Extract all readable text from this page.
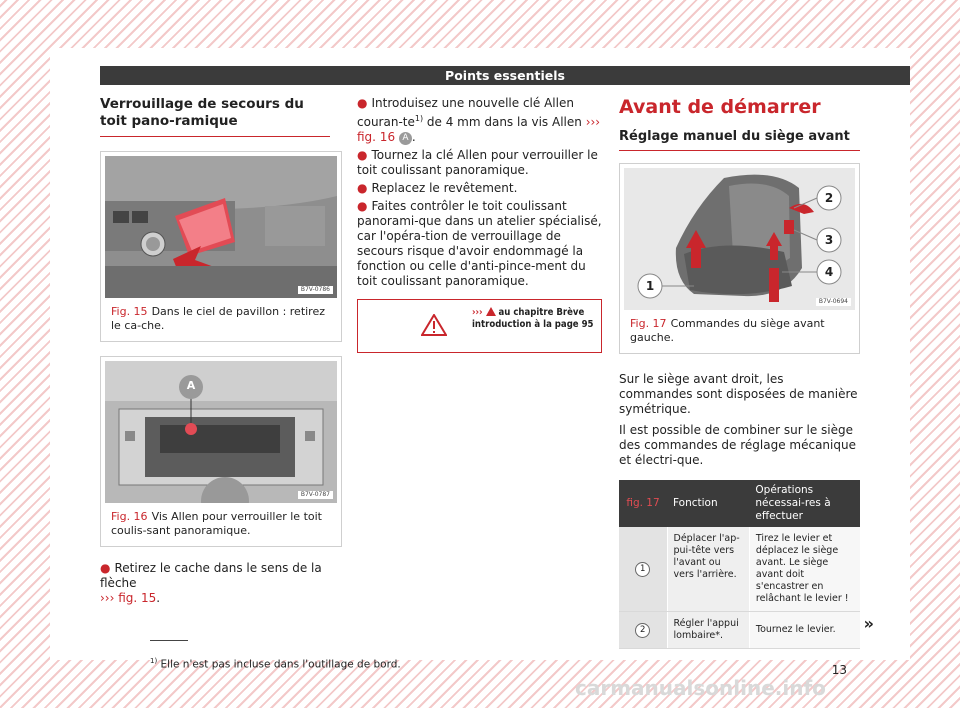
Points essentiels
Verrouillage de secours du toit pano-ramique
B7V-0786
Fig. 15 Dans le ciel de pavillon : retirez le ca-che.
A
B7V-0787
Fig. 16 Vis Allen pour verrouiller le toit coulis-sant panoramique.
● Retirez le cache dans le sens de la flèche
››› fig. 15.
● Introduisez une nouvelle clé Allen couran-$te^{1)}$ de 4 mm dans la vis Allen ››› fig. 16 A .
● Tournez la clé Allen pour verrouiller le toit coulissant panoramique.
● Replacez le revêtement.
● Faites contrôler le toit coulissant panorami-que dans un atelier spécialisé, car l'opéra-tion de verrouillage de secours risque d'avoir endommagé la fonction ou celle d'anti-pince-ment du toit coulissant panoramique.
›››  au chapitre Brève introduction à la page 95
Avant de démarrer
Réglage manuel du siège avant
1
2
3
4
B7V-0694
Fig. 17 Commandes du siège avant gauche.

Sur le siège avant droit, les commandes sont disposées de manière symétrique.

Il est possible de combiner sur le siège des commandes de réglage mécanique et électri-que.

fig. 17	Fonction	Opérations nécessai-res à effectuer
1	Déplacer l'ap-pui-tête vers l'avant ou vers l'arrière.	Tirez le levier et déplacez le siège avant. Le siège avant doit s'encastrer en relâchant le levier !
2	Régler l'appui lombaire*.	Tournez le levier. »
$^{1)}$ Elle n'est pas incluse dans l'outillage de bord.	13
carmanualsonline.info
